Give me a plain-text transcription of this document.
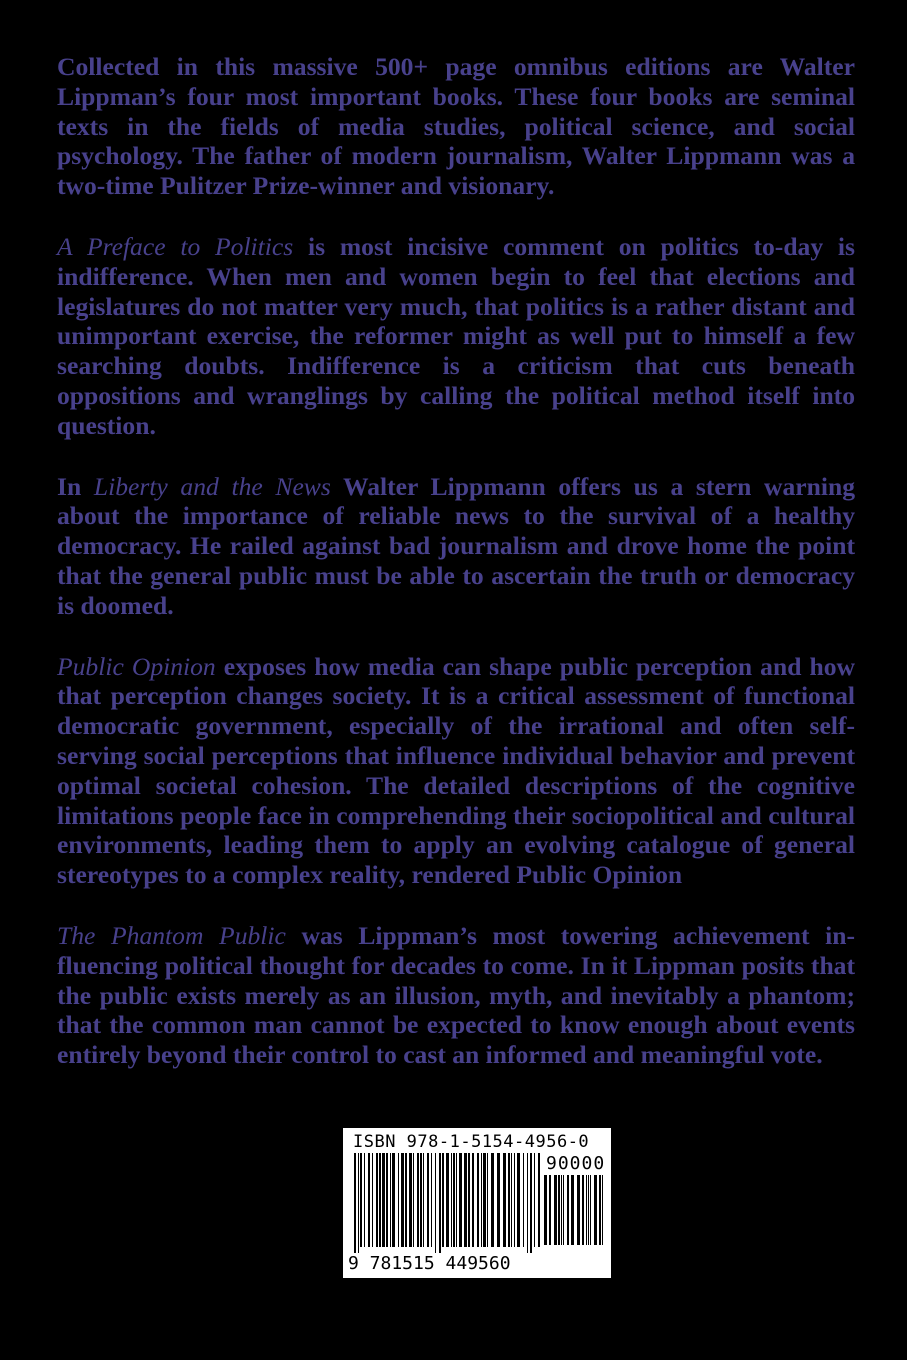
Collected in this massive 500+ page omnibus editions are Walter Lippman’s four most important books. These four books are seminal texts in the fields of media studies, political science, and social psychology. The father of modern journalism, Walter Lippmann was a two-time Pulitzer Prize-winner and visionary.

A Preface to Politics is most incisive comment on politics to-day is indifference. When men and women begin to feel that elections and legislatures do not matter very much, that politics is a rather distant and unimportant exercise, the reformer might as well put to himself a few searching doubts. Indifference is a criticism that cuts beneath oppositions and wranglings by calling the political method itself into question.

In Liberty and the News Walter Lippmann offers us a stern warning about the importance of reliable news to the survival of a healthy democracy. He railed against bad journalism and drove home the point that the general public must be able to ascertain the truth or democracy is doomed.

Public Opinion exposes how media can shape public perception and how that perception changes society. It is a critical assessment of functional democratic government, especially of the irrational and often self-serving social perceptions that influence individual behavior and prevent optimal societal cohesion. The detailed descriptions of the cognitive limitations people face in comprehending their sociopolitical and cultural environments, leading them to apply an evolving catalogue of general stereotypes to a complex reality, rendered Public Opinion

The Phantom Public was Lippman’s most towering achievement influencing political thought for decades to come. In it Lippman posits that the public exists merely as an illusion, myth, and inevitably a phantom; that the common man cannot be expected to know enough about events entirely beyond their control to cast an informed and meaningful vote.

ISBN 978-1-5154-4956-0
90000
9 781515 449560
